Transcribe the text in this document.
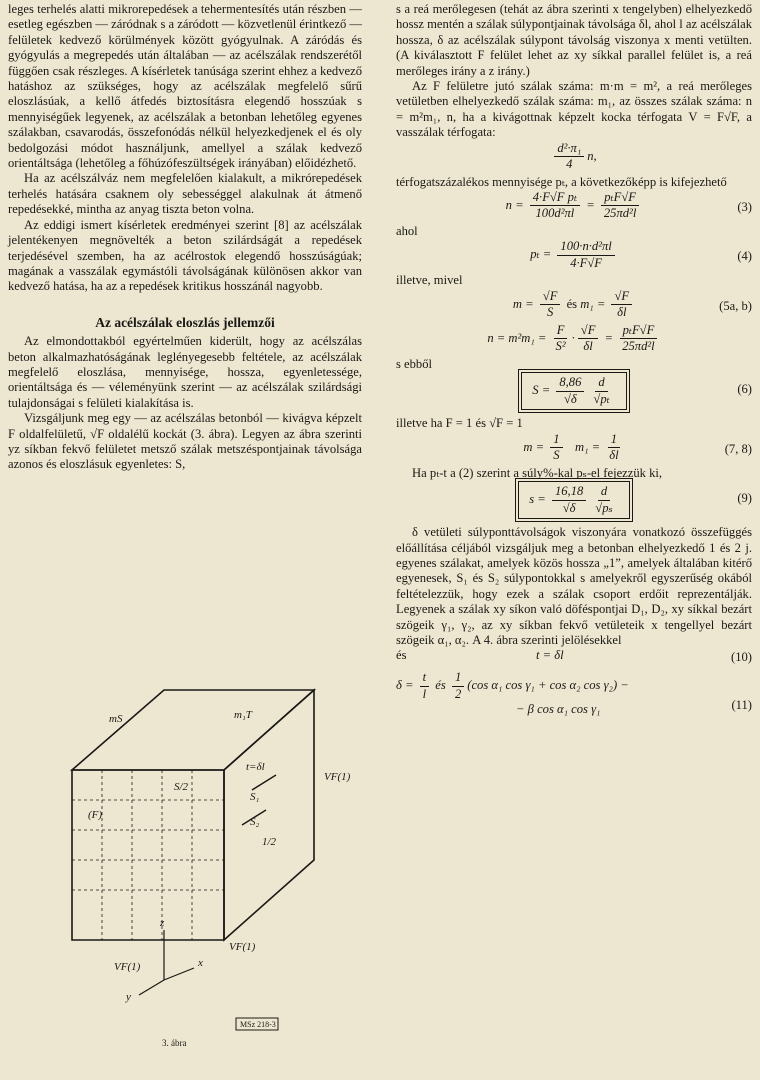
leges terhelés alatti mikrorepedések a tehermentesítés után részben — esetleg egészben — záródnak s a záródott — közvetlenül érintkező — felületek kedvező körülmények között gyógyulnak. A záródás és gyógyulás a megrepedés után általában — az acélszálak rendszerétől függően csak részleges. A kísérletek tanúsága szerint ehhez a kedvező hatáshoz az szükséges, hogy az acélszálak megfelelő sűrű eloszlásúak, a kellő átfedés biztosításra elegendő hosszúak s mennyiségűek legyenek, az acélszálak a betonban lehetőleg egyenes szálakban, csavarodás, összefonódás nélkül helyezkedjenek el és oly bedolgozási módot használjunk, amellyel a szálak kedvező orientáltsága (lehetőleg a főhúzófeszültségek irányában) előidézhető.

Ha az acélszálváz nem megfelelően kialakult, a mikrórepedések terhelés hatására csaknem oly sebességgel alakulnak át átmenő repedésekké, mintha az anyag tiszta beton volna.

Az eddigi ismert kísérletek eredményei szerint [8] az acélszálak jelentékenyen megnövelték a beton szilárdságát a repedések terjedésével szemben, ha az acélrostok elegendő hosszúságúak; magának a vasszálak egymástóli távolságának különösen akkor van kedvező hatása, ha az a repedések kritikus hosszánál nagyobb.

Az acélszálak eloszlás jellemzői

Az elmondottakból egyértelműen kiderült, hogy az acélszálas beton alkalmazhatóságának leglényegesebb feltétele, az acélszálak megfelelő eloszlása, mennyisége, hossza, egyenletessége, orientáltsága és — véleményünk szerint — az acélszálak szilárdsági tulajdonságai s felületi kialakítása is.

Vizsgáljunk meg egy — az acélszálas betonból — kivágva képzelt F oldalfelületű, √F oldalélű kockát (3. ábra). Legyen az ábra szerinti yz síkban fekvő felületet metsző szálak metszéspontjainak távolsága azonos és eloszlásuk egyenletes: S,

mS	m₁T
t=δl
VF(1)
VF(1)
VF(1)
(F)
S/2
S₁
S₂
1/2
z
y
x
MSz 218-3
3. ábra

s a reá merőlegesen (tehát az ábra szerinti x tengelyben) elhelyezkedő hossz mentén a szálak súlypontjainak távolsága δl, ahol l az acélszálak hossza, δ az acélszálak súlypont távolság viszonya x menti vetülten. (A kiválasztott F felület lehet az xy síkkal parallel felület is, a reá merőleges irány a z irány.)

Az F felületre jutó szálak száma: m·m = m², a reá merőleges vetületben elhelyezkedő szálak száma: m₁, az összes szálak száma: n = m²m₁, n, ha a kivágottnak képzelt kocka térfogata V = F√F, a vasszálak térfogata:

$\frac{\text{d²·π₁}}{4} n$,

térfogatszázalékos mennyisége pₜ, a következőképp is kifejezhető

$n = \frac{\text{4·F√F pₜ}}{\text{100d²πl}} = \frac{\text{pₜF√F}}{\text{25πd²l}}$	(3)

ahol

$p_t = \frac{\text{100·n·d²πl}}{4\cdot F√F}$	(4)

illetve, mivel

$m = \frac{√F}{S}$ és $m_1 = \frac{√F}{\delta l}$	(5a, b)
$n = m^2m_1 = \frac{F}{\text{S²}} \cdot \frac{√F}{\delta l} = \frac{\text{pₜF√F}}{\text{25πd²l}}$

s ebből

$S = \frac{8,86}{√\delta} \frac{d}{\text{√pₜ}}$	(6)

illetve ha F = 1 és √F = 1

$m = \frac{1}{S} m_1 = \frac{1}{\delta l}$	(7, 8)

Ha pₜ-t a (2) szerint a súly%-kal pₛ-el fejezzük ki,

$s = \frac{16,18}{√\delta} \frac{d}{\text{√pₛ}}$	(9)

δ vetületi súlyponttávolságok viszonyára vonatkozó összefüggés előállítása céljából vizsgáljuk meg a betonban elhelyezkedő 1 és 2 j. egyenes szálakat, amelyek közös hossza „1”, amelyek általában kitérő egyenesek, S₁ és S₂ súlypontokkal s amelyekről egyszerűség okából feltételezzük, hogy ezek a szálak csoport erdőit reprezentálják. Legyenek a szálak xy síkon való döféspontjai D₁, D₂, xy síkkal bezárt szögeik γ₁, γ₂, az xy síkban fekvő vetületeik x tengellyel bezárt szögeik α₁, α₂. A 4. ábra szerinti jelölésekkel

és	t = δl	(10)
$\delta = \frac{t}{l}$ és $\frac{1}{2} (\cos$ α₁ cos γ₁ + cos α₂ cos γ₂) −
− β cos α₁ cos γ₁	(11)
